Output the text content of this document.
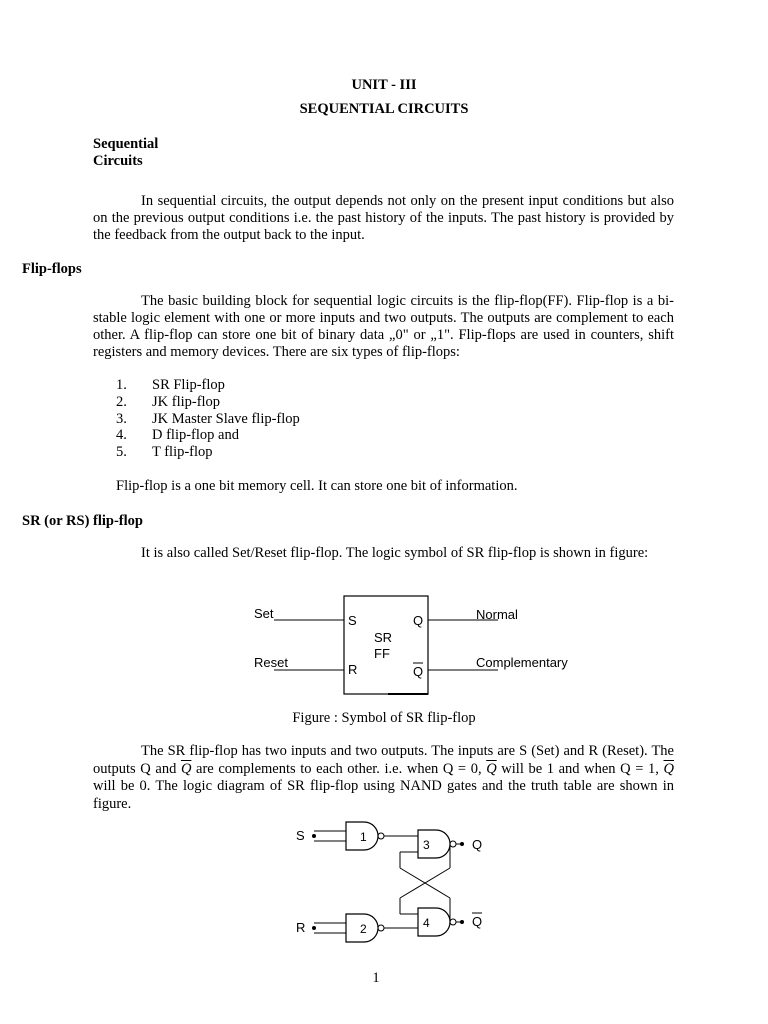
UNIT - III
SEQUENTIAL CIRCUITS
Sequential
Circuits
In sequential circuits, the output depends not only on the present input conditions but also on the previous output conditions i.e. the past history of the inputs. The past history is provided by the feedback from the output back to the input.
Flip-flops
The basic building block for sequential logic circuits is the flip-flop(FF). Flip-flop is a bi-stable logic element with one or more inputs and two outputs. The outputs are complement to each other. A flip-flop can store one bit of binary data „0" or „1". Flip-flops are used in counters, shift registers and memory devices. There are six types of flip-flops:
1. SR Flip-flop
2. JK flip-flop
3. JK Master Slave flip-flop
4. D flip-flop and
5. T flip-flop
Flip-flop is a one bit memory cell. It can store one bit of information.
SR (or RS) flip-flop
It is also called Set/Reset flip-flop. The logic symbol of SR flip-flop is shown in figure:
Set
Reset
S
R
Q
Q
SR
FF
Normal
Complementary
Figure : Symbol of SR flip-flop
The SR flip-flop has two inputs and two outputs. The inputs are S (Set) and R (Reset). The outputs Q and $\overline{Q}$ are complements to each other. i.e. when Q = 0, $\overline{Q}$ will be 1 and when Q = 1, $\overline{Q}$ will be 0. The logic diagram of SR flip-flop using NAND gates and the truth table are shown in figure.
S	1
3	Q
4	Q
R	2
1
